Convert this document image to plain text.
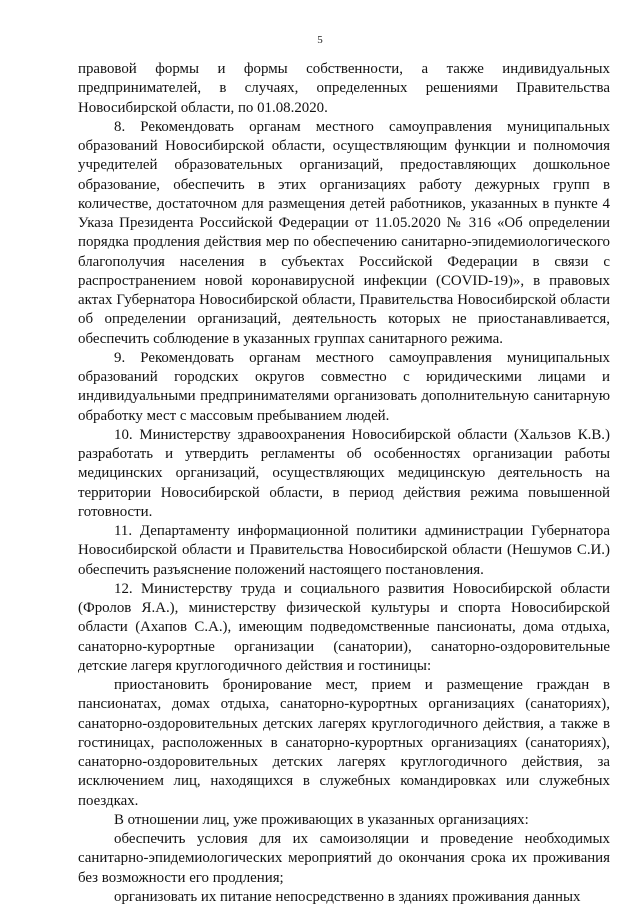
5

правовой формы и формы собственности, а также индивидуальных предпринимателей, в случаях, определенных решениями Правительства Новосибирской области, по 01.08.2020.

8. Рекомендовать органам местного самоуправления муниципальных образований Новосибирской области, осуществляющим функции и полномочия учредителей образовательных организаций, предоставляющих дошкольное образование, обеспечить в этих организациях работу дежурных групп в количестве, достаточном для размещения детей работников, указанных в пункте 4 Указа Президента Российской Федерации от 11.05.2020 № 316 «Об определении порядка продления действия мер по обеспечению санитарно-эпидемиологического благополучия населения в субъектах Российской Федерации в связи с распространением новой коронавирусной инфекции (COVID-19)», в правовых актах Губернатора Новосибирской области, Правительства Новосибирской области об определении организаций, деятельность которых не приостанавливается, обеспечить соблюдение в указанных группах санитарного режима.

9. Рекомендовать органам местного самоуправления муниципальных образований городских округов совместно с юридическими лицами и индивидуальными предпринимателями организовать дополнительную санитарную обработку мест с массовым пребыванием людей.

10. Министерству здравоохранения Новосибирской области (Хальзов К.В.) разработать и утвердить регламенты об особенностях организации работы медицинских организаций, осуществляющих медицинскую деятельность на территории Новосибирской области, в период действия режима повышенной готовности.

11. Департаменту информационной политики администрации Губернатора Новосибирской области и Правительства Новосибирской области (Нешумов С.И.) обеспечить разъяснение положений настоящего постановления.

12. Министерству труда и социального развития Новосибирской области (Фролов Я.А.), министерству физической культуры и спорта Новосибирской области (Ахапов С.А.), имеющим подведомственные пансионаты, дома отдыха, санаторно-курортные организации (санатории), санаторно-оздоровительные детские лагеря круглогодичного действия и гостиницы:

приостановить бронирование мест, прием и размещение граждан в пансионатах, домах отдыха, санаторно-курортных организациях (санаториях), санаторно-оздоровительных детских лагерях круглогодичного действия, а также в гостиницах, расположенных в санаторно-курортных организациях (санаториях), санаторно-оздоровительных детских лагерях круглогодичного действия, за исключением лиц, находящихся в служебных командировках или служебных поездках.

В отношении лиц, уже проживающих в указанных организациях:

обеспечить условия для их самоизоляции и проведение необходимых санитарно-эпидемиологических мероприятий до окончания срока их проживания без возможности его продления;

организовать их питание непосредственно в зданиях проживания данных
